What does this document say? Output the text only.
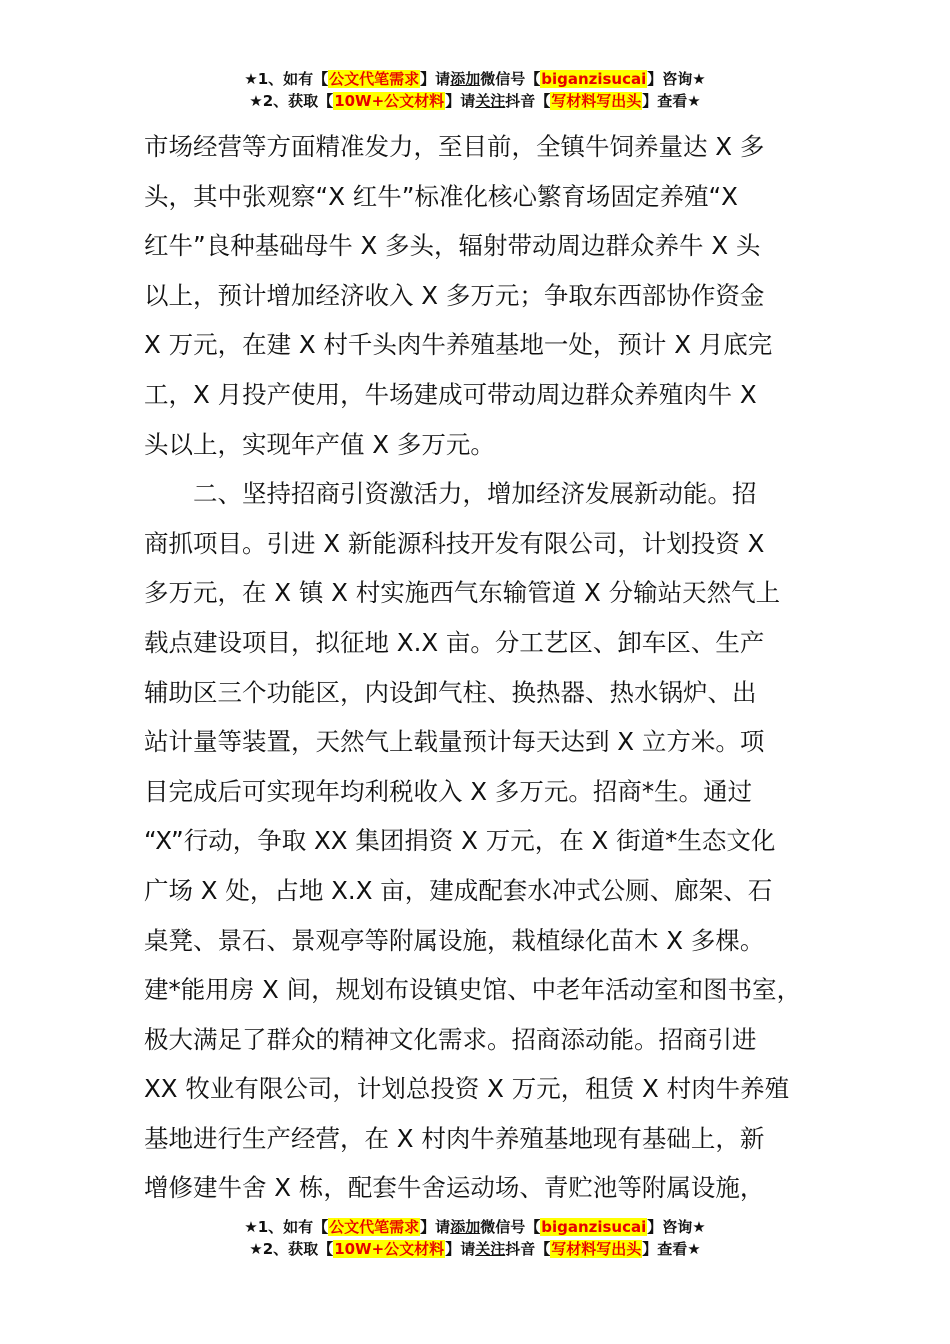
★1、如有【公文代笔需求】请添加微信号【biganzisucai】咨询★
★2、获取【10W+公文材料】请关注抖音【写材料写出头】查看★

市场经营等方面精准发力，至目前，全镇牛饲养量达 X 多

头，其中张观察“X 红牛”标准化核心繁育场固定养殖“X

红牛”良种基础母牛 X 多头，辐射带动周边群众养牛 X 头

以上，预计增加经济收入 X 多万元；争取东西部协作资金

X 万元，在建 X 村千头肉牛养殖基地一处，预计 X 月底完

工，X 月投产使用，牛场建成可带动周边群众养殖肉牛 X

头以上，实现年产值 X 多万元。

　　二、坚持招商引资激活力，增加经济发展新动能。招

商抓项目。引进 X 新能源科技开发有限公司，计划投资 X

多万元，在 X 镇 X 村实施西气东输管道 X 分输站天然气上

载点建设项目，拟征地 X.X 亩。分工艺区、卸车区、生产

辅助区三个功能区，内设卸气柱、换热器、热水锅炉、出

站计量等装置，天然气上载量预计每天达到 X 立方米。项

目完成后可实现年均利税收入 X 多万元。招商*生。通过

“X”行动，争取 XX 集团捐资 X 万元，在 X 街道*生态文化

广场 X 处，占地 X.X 亩，建成配套水冲式公厕、廊架、石

桌凳、景石、景观亭等附属设施，栽植绿化苗木 X 多棵。

建*能用房 X 间，规划布设镇史馆、中老年活动室和图书室，

极大满足了群众的精神文化需求。招商添动能。招商引进

XX 牧业有限公司，计划总投资 X 万元，租赁 X 村肉牛养殖

基地进行生产经营，在 X 村肉牛养殖基地现有基础上，新

增修建牛舍 X 栋，配套牛舍运动场、青贮池等附属设施，

★1、如有【公文代笔需求】请添加微信号【biganzisucai】咨询★
★2、获取【10W+公文材料】请关注抖音【写材料写出头】查看★
